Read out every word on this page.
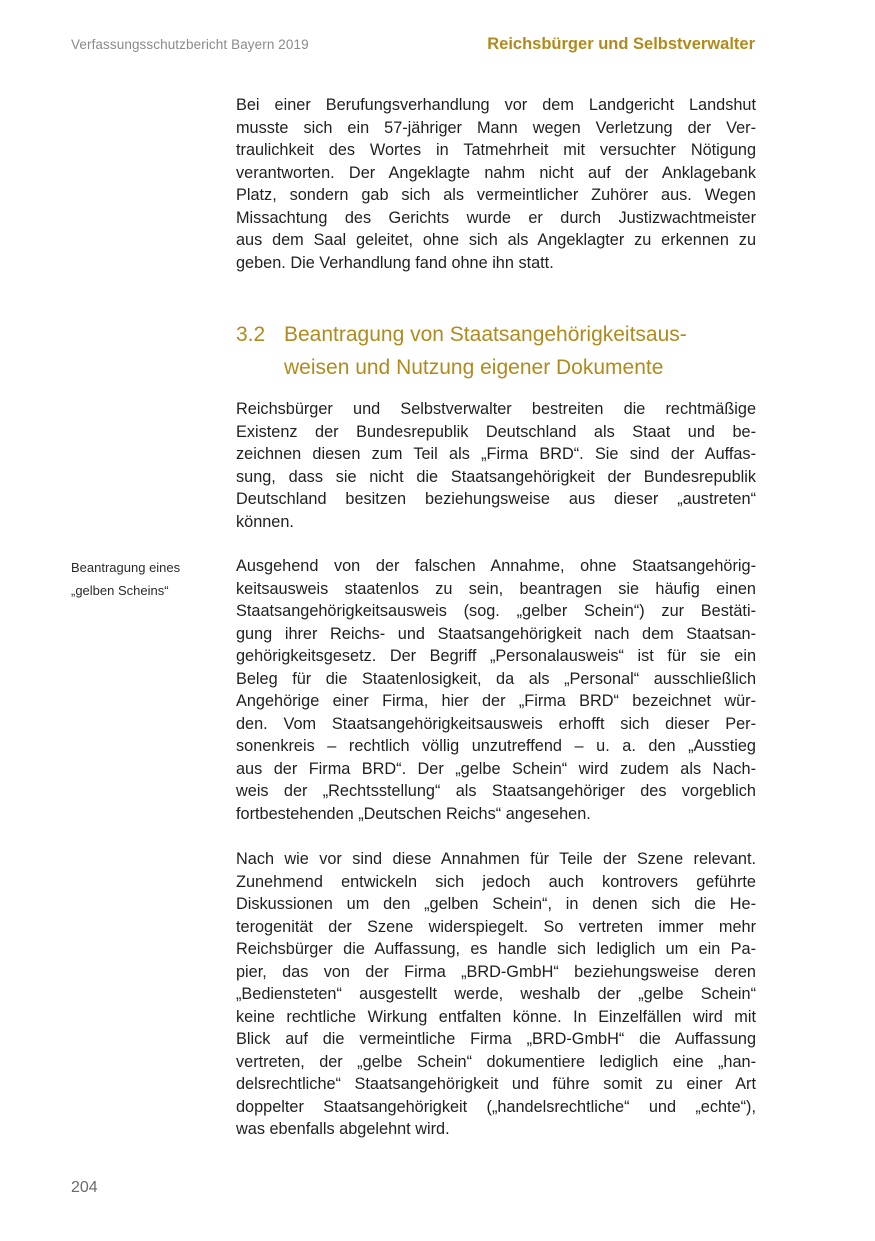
Verfassungsschutzbericht Bayern 2019	Reichsbürger und Selbstverwalter
Bei einer Berufungsverhandlung vor dem Landgericht Landshut
musste sich ein 57-jähriger Mann wegen Verletzung der Ver-
traulichkeit des Wortes in Tatmehrheit mit versuchter Nötigung
verantworten. Der Angeklagte nahm nicht auf der Anklagebank
Platz, sondern gab sich als vermeintlicher Zuhörer aus. Wegen
Missachtung des Gerichts wurde er durch Justizwachtmeister
aus dem Saal geleitet, ohne sich als Angeklagter zu erkennen zu
geben. Die Verhandlung fand ohne ihn statt.
3.2 Beantragung von Staatsangehörigkeitsaus-
weisen und Nutzung eigener Dokumente
Reichsbürger und Selbstverwalter bestreiten die rechtmäßige
Existenz der Bundesrepublik Deutschland als Staat und be-
zeichnen diesen zum Teil als „Firma BRD“. Sie sind der Auffas-
sung, dass sie nicht die Staatsangehörigkeit der Bundesrepublik
Deutschland besitzen beziehungsweise aus dieser „austreten“
können.
Beantragung eines
„gelben Scheins“
Ausgehend von der falschen Annahme, ohne Staatsangehörig-
keitsausweis staatenlos zu sein, beantragen sie häufig einen
Staatsangehörigkeitsausweis (sog. „gelber Schein“) zur Bestäti-
gung ihrer Reichs- und Staatsangehörigkeit nach dem Staatsan-
gehörigkeitsgesetz. Der Begriff „Personalausweis“ ist für sie ein
Beleg für die Staatenlosigkeit, da als „Personal“ ausschließlich
Angehörige einer Firma, hier der „Firma BRD“ bezeichnet wür-
den. Vom Staatsangehörigkeitsausweis erhofft sich dieser Per-
sonenkreis – rechtlich völlig unzutreffend – u. a. den „Ausstieg
aus der Firma BRD“. Der „gelbe Schein“ wird zudem als Nach-
weis der „Rechtsstellung“ als Staatsangehöriger des vorgeblich
fortbestehenden „Deutschen Reichs“ angesehen.
Nach wie vor sind diese Annahmen für Teile der Szene relevant.
Zunehmend entwickeln sich jedoch auch kontrovers geführte
Diskussionen um den „gelben Schein“, in denen sich die He-
terogenität der Szene widerspiegelt. So vertreten immer mehr
Reichsbürger die Auffassung, es handle sich lediglich um ein Pa-
pier, das von der Firma „BRD-GmbH“ beziehungsweise deren
„Bediensteten“ ausgestellt werde, weshalb der „gelbe Schein“
keine rechtliche Wirkung entfalten könne. In Einzelfällen wird mit
Blick auf die vermeintliche Firma „BRD-GmbH“ die Auffassung
vertreten, der „gelbe Schein“ dokumentiere lediglich eine „han-
delsrechtliche“ Staatsangehörigkeit und führe somit zu einer Art
doppelter Staatsangehörigkeit („handelsrechtliche“ und „echte“),
was ebenfalls abgelehnt wird.
204
